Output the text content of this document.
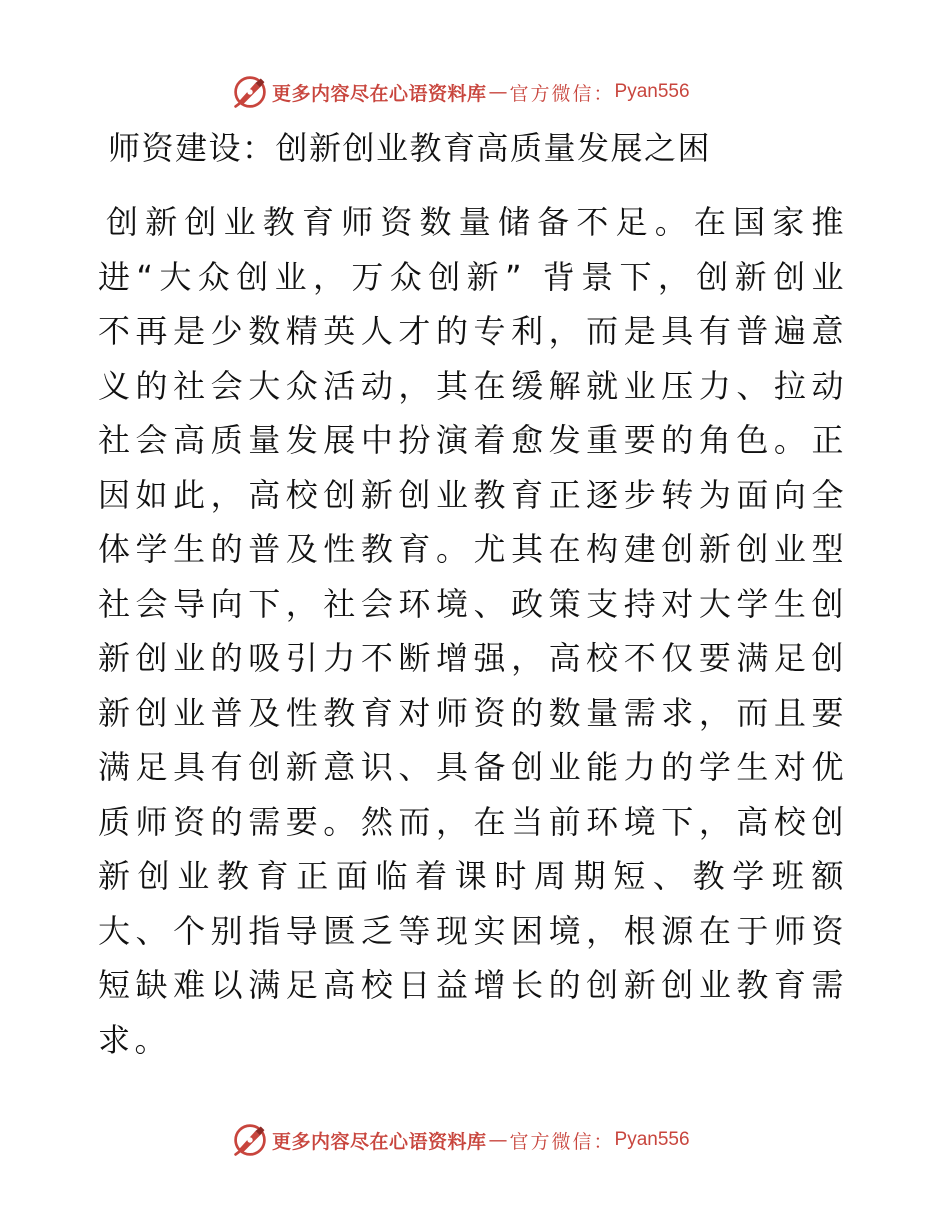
更多内容尽在心语资料库 — 官方微信： Pyan556
师资建设：创新创业教育高质量发展之困

创新创业教育师资数量储备不足。在国家推进“大众创业，万众创新” 背景下，创新创业不再是少数精英人才的专利，而是具有普遍意义的社会大众活动，其在缓解就业压力、拉动社会高质量发展中扮演着愈发重要的角色。正因如此，高校创新创业教育正逐步转为面向全体学生的普及性教育。尤其在构建创新创业型社会导向下，社会环境、政策支持对大学生创新创业的吸引力不断增强，高校不仅要满足创新创业普及性教育对师资的数量需求，而且要满足具有创新意识、具备创业能力的学生对优质师资的需要。然而，在当前环境下，高校创新创业教育正面临着课时周期短、教学班额大、个别指导匮乏等现实困境，根源在于师资短缺难以满足高校日益增长的创新创业教育需求。

更多内容尽在心语资料库 — 官方微信： Pyan556
